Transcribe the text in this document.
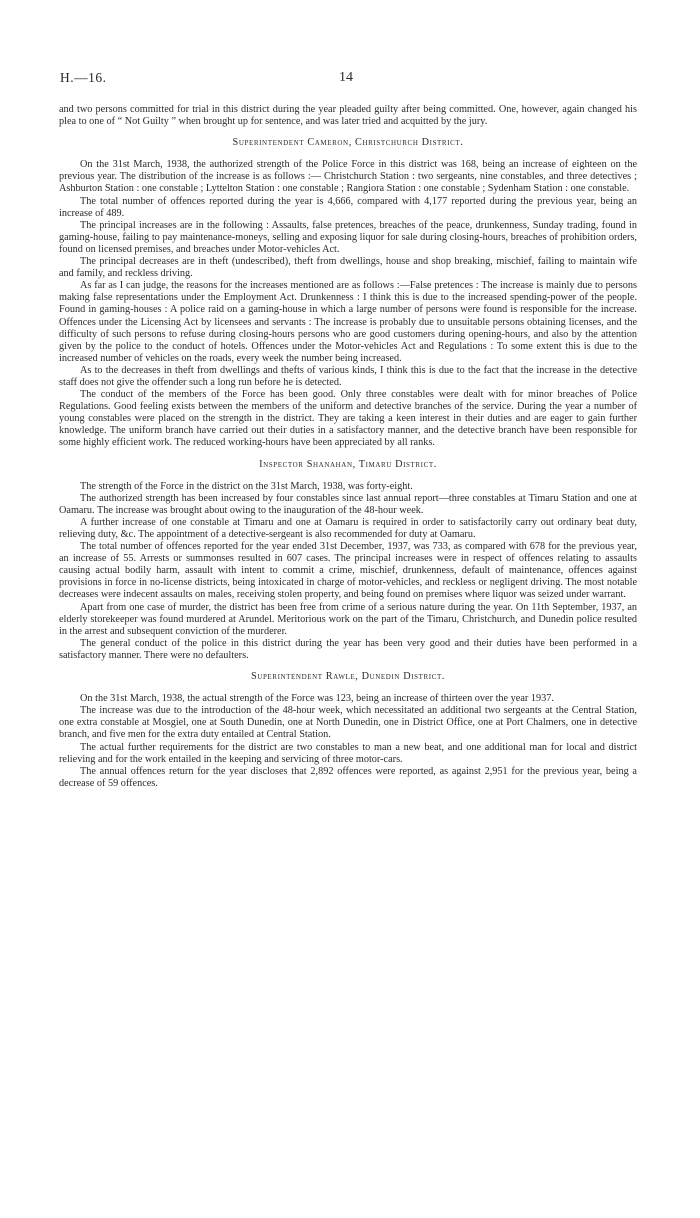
H.—16.	14

and two persons committed for trial in this district during the year pleaded guilty after being committed. One, however, again changed his plea to one of “ Not Guilty ” when brought up for sentence, and was later tried and acquitted by the jury.

Superintendent Cameron, Christchurch District.

On the 31st March, 1938, the authorized strength of the Police Force in this district was 168, being an increase of eighteen on the previous year. The distribution of the increase is as follows :— Christchurch Station : two sergeants, nine constables, and three detectives ; Ashburton Station : one constable ; Lyttelton Station : one constable ; Rangiora Station : one constable ; Sydenham Station : one constable.

The total number of offences reported during the year is 4,666, compared with 4,177 reported during the previous year, being an increase of 489.

The principal increases are in the following : Assaults, false pretences, breaches of the peace, drunkenness, Sunday trading, found in gaming-house, failing to pay maintenance-moneys, selling and exposing liquor for sale during closing-hours, breaches of prohibition orders, found on licensed premises, and breaches under Motor-vehicles Act.

The principal decreases are in theft (undescribed), theft from dwellings, house and shop breaking, mischief, failing to maintain wife and family, and reckless driving.

As far as I can judge, the reasons for the increases mentioned are as follows :—False pretences : The increase is mainly due to persons making false representations under the Employment Act. Drunkenness : I think this is due to the increased spending-power of the people. Found in gaming-houses : A police raid on a gaming-house in which a large number of persons were found is responsible for the increase. Offences under the Licensing Act by licensees and servants : The increase is probably due to unsuitable persons obtaining licenses, and the difficulty of such persons to refuse during closing-hours persons who are good customers during opening-hours, and also by the attention given by the police to the conduct of hotels. Offences under the Motor-vehicles Act and Regulations : To some extent this is due to the increased number of vehicles on the roads, every week the number being increased.

As to the decreases in theft from dwellings and thefts of various kinds, I think this is due to the fact that the increase in the detective staff does not give the offender such a long run before he is detected.

The conduct of the members of the Force has been good. Only three constables were dealt with for minor breaches of Police Regulations. Good feeling exists between the members of the uniform and detective branches of the service. During the year a number of young constables were placed on the strength in the district. They are taking a keen interest in their duties and are eager to gain further knowledge. The uniform branch have carried out their duties in a satisfactory manner, and the detective branch have been responsible for some highly efficient work. The reduced working-hours have been appreciated by all ranks.

Inspector Shanahan, Timaru District.

The strength of the Force in the district on the 31st March, 1938, was forty-eight.

The authorized strength has been increased by four constables since last annual report—three constables at Timaru Station and one at Oamaru. The increase was brought about owing to the inauguration of the 48-hour week.

A further increase of one constable at Timaru and one at Oamaru is required in order to satisfactorily carry out ordinary beat duty, relieving duty, &c. The appointment of a detective-sergeant is also recommended for duty at Oamaru.

The total number of offences reported for the year ended 31st December, 1937, was 733, as compared with 678 for the previous year, an increase of 55. Arrests or summonses resulted in 607 cases. The principal increases were in respect of offences relating to assaults causing actual bodily harm, assault with intent to commit a crime, mischief, drunkenness, default of maintenance, offences against provisions in force in no-license districts, being intoxicated in charge of motor-vehicles, and reckless or negligent driving. The most notable decreases were indecent assaults on males, receiving stolen property, and being found on premises where liquor was seized under warrant.

Apart from one case of murder, the district has been free from crime of a serious nature during the year. On 11th September, 1937, an elderly storekeeper was found murdered at Arundel. Meritorious work on the part of the Timaru, Christchurch, and Dunedin police resulted in the arrest and subsequent conviction of the murderer.

The general conduct of the police in this district during the year has been very good and their duties have been performed in a satisfactory manner. There were no defaulters.

Superintendent Rawle, Dunedin District.

On the 31st March, 1938, the actual strength of the Force was 123, being an increase of thirteen over the year 1937.

The increase was due to the introduction of the 48-hour week, which necessitated an additional two sergeants at the Central Station, one extra constable at Mosgiel, one at South Dunedin, one at North Dunedin, one in District Office, one at Port Chalmers, one in detective branch, and five men for the extra duty entailed at Central Station.

The actual further requirements for the district are two constables to man a new beat, and one additional man for local and district relieving and for the work entailed in the keeping and servicing of three motor-cars.

The annual offences return for the year discloses that 2,892 offences were reported, as against 2,951 for the previous year, being a decrease of 59 offences.
